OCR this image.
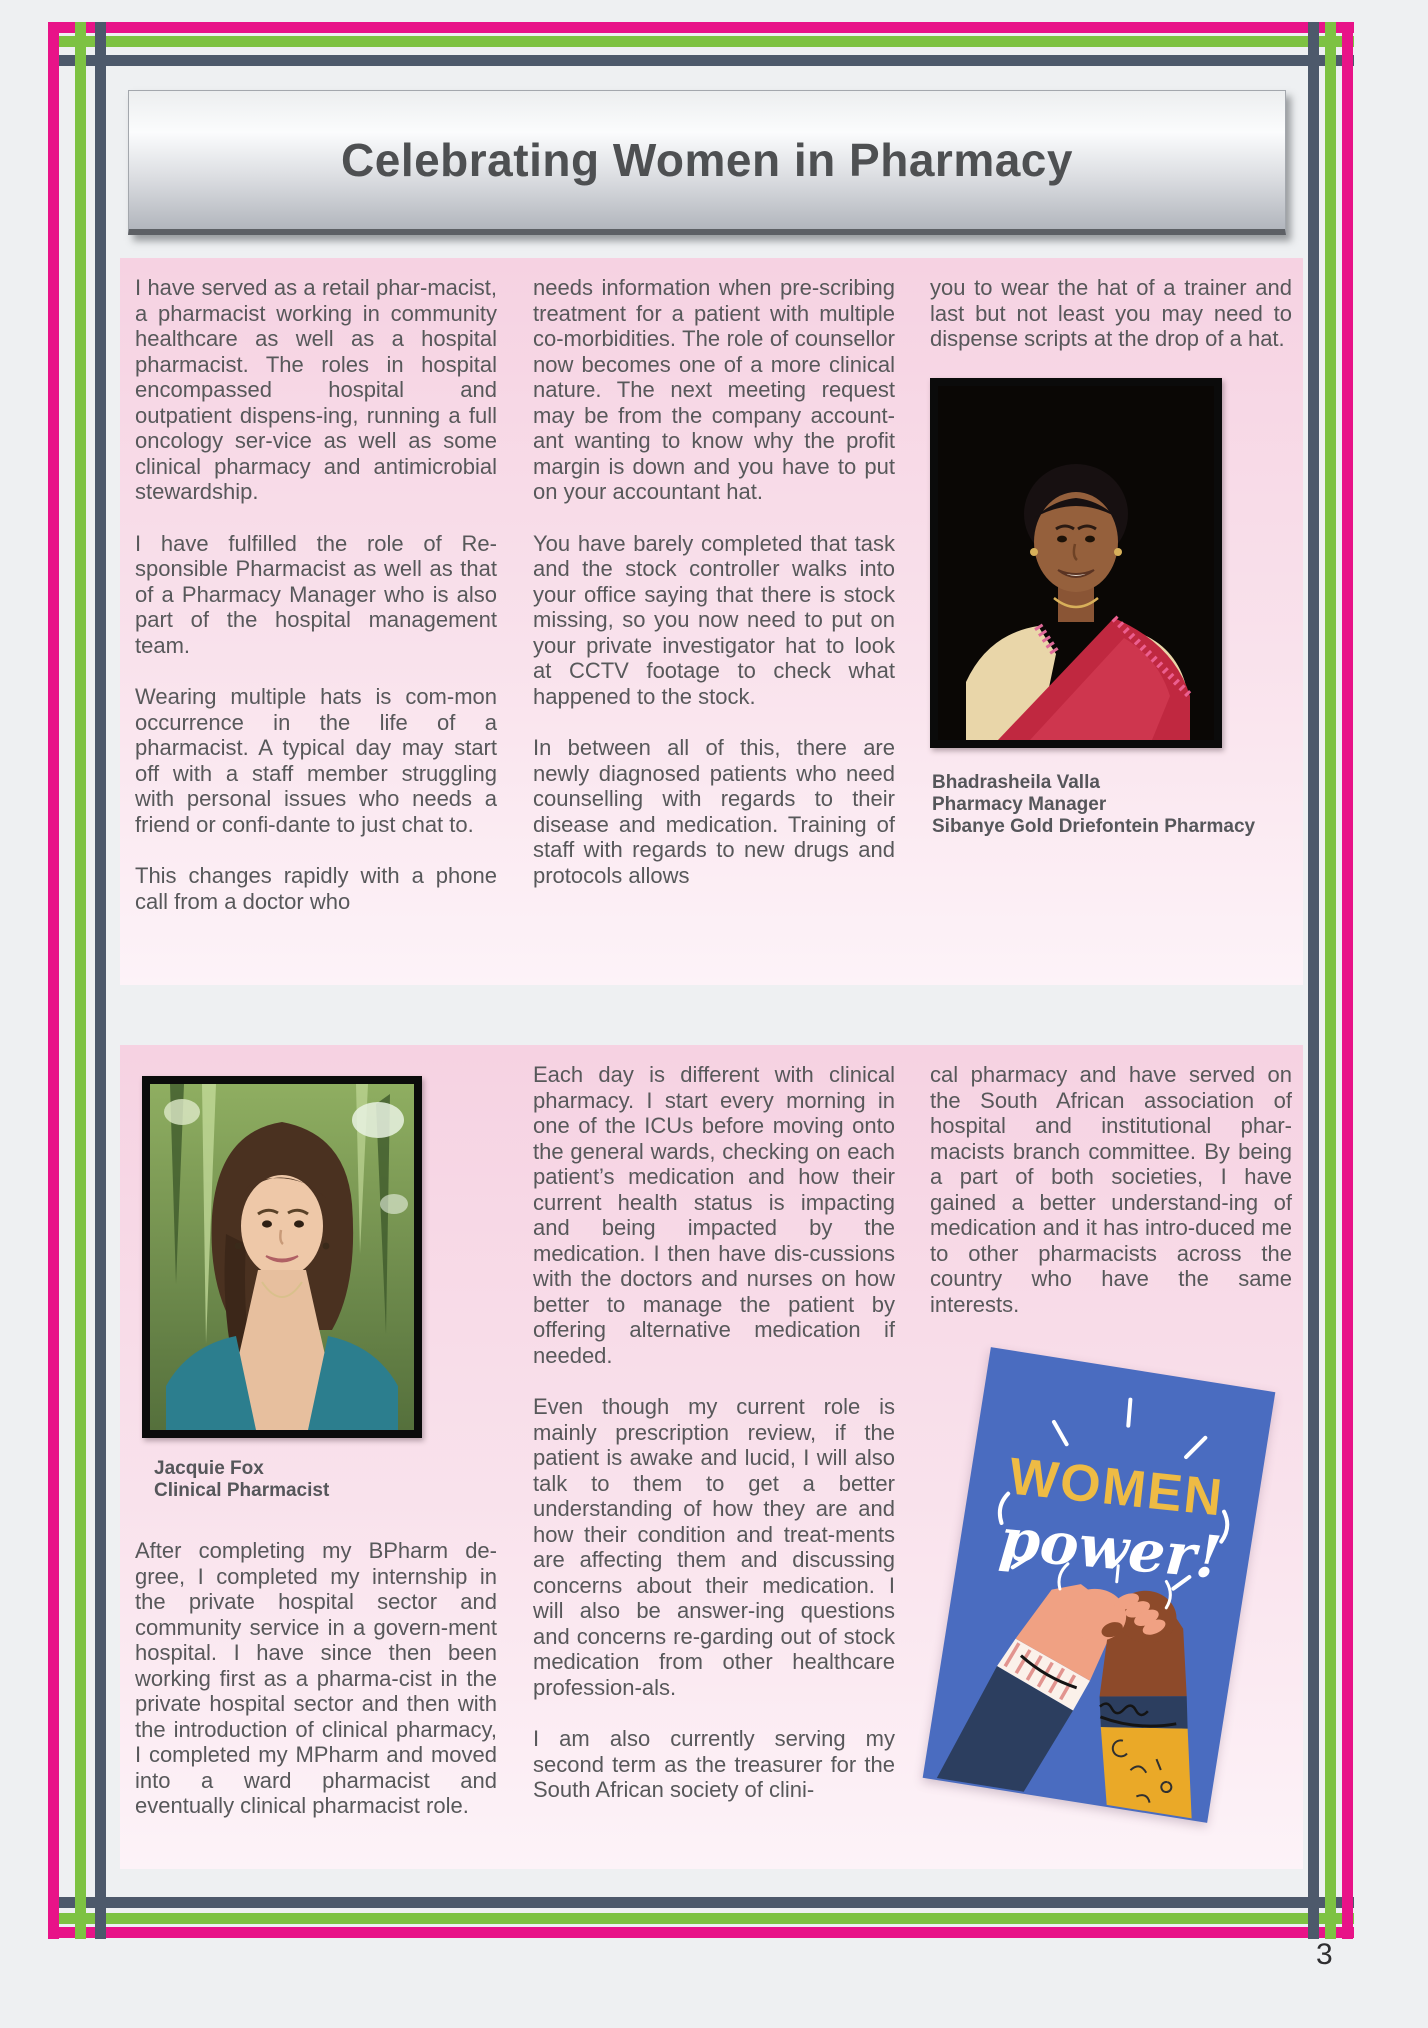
Celebrating Women in Pharmacy

I have served as a retail phar-macist, a pharmacist working in community healthcare as well as a hospital pharmacist. The roles in hospital encompassed hospital and outpatient dispens-ing, running a full oncology ser-vice as well as some clinical pharmacy and antimicrobial stewardship.

I have fulfilled the role of Re-sponsible Pharmacist as well as that of a Pharmacy Manager who is also part of the hospital management team.

Wearing multiple hats is com-mon occurrence in the life of a pharmacist. A typical day may start off with a staff member struggling with personal issues who needs a friend or confi-dante to just chat to.

This changes rapidly with a phone call from a doctor who

needs information when pre-scribing treatment for a patient with multiple co-morbidities. The role of counsellor now becomes one of a more clinical nature. The next meeting request may be from the company account-ant wanting to know why the profit margin is down and you have to put on your accountant hat.

You have barely completed that task and the stock controller walks into your office saying that there is stock missing, so you now need to put on your private investigator hat to look at CCTV footage to check what happened to the stock.

In between all of this, there are newly diagnosed patients who need counselling with regards to their disease and medication. Training of staff with regards to new drugs and protocols allows

you to wear the hat of a trainer and last but not least you may need to dispense scripts at the drop of a hat.

Bhadrasheila Valla
Pharmacy Manager
Sibanye Gold Driefontein Pharmacy
Jacquie Fox
Clinical Pharmacist

After completing my BPharm de-gree, I completed my internship in the private hospital sector and community service in a govern-ment hospital. I have since then been working first as a pharma-cist in the private hospital sector and then with the introduction of clinical pharmacy, I completed my MPharm and moved into a ward pharmacist and eventually clinical pharmacist role.

Each day is different with clinical pharmacy. I start every morning in one of the ICUs before moving onto the general wards, checking on each patient’s medication and how their current health status is impacting and being impacted by the medication. I then have dis-cussions with the doctors and nurses on how better to manage the patient by offering alternative medication if needed.

Even though my current role is mainly prescription review, if the patient is awake and lucid, I will also talk to them to get a better understanding of how they are and how their condition and treat-ments are affecting them and discussing concerns about their medication. I will also be answer-ing questions and concerns re-garding out of stock medication from other healthcare profession-als.

I am also currently serving my second term as the treasurer for the South African society of clini-

cal pharmacy and have served on the South African association of hospital and institutional phar-macists branch committee. By being a part of both societies, I have gained a better understand-ing of medication and it has intro-duced me to other pharmacists across the country who have the same interests.

WOMEN
power!
3
